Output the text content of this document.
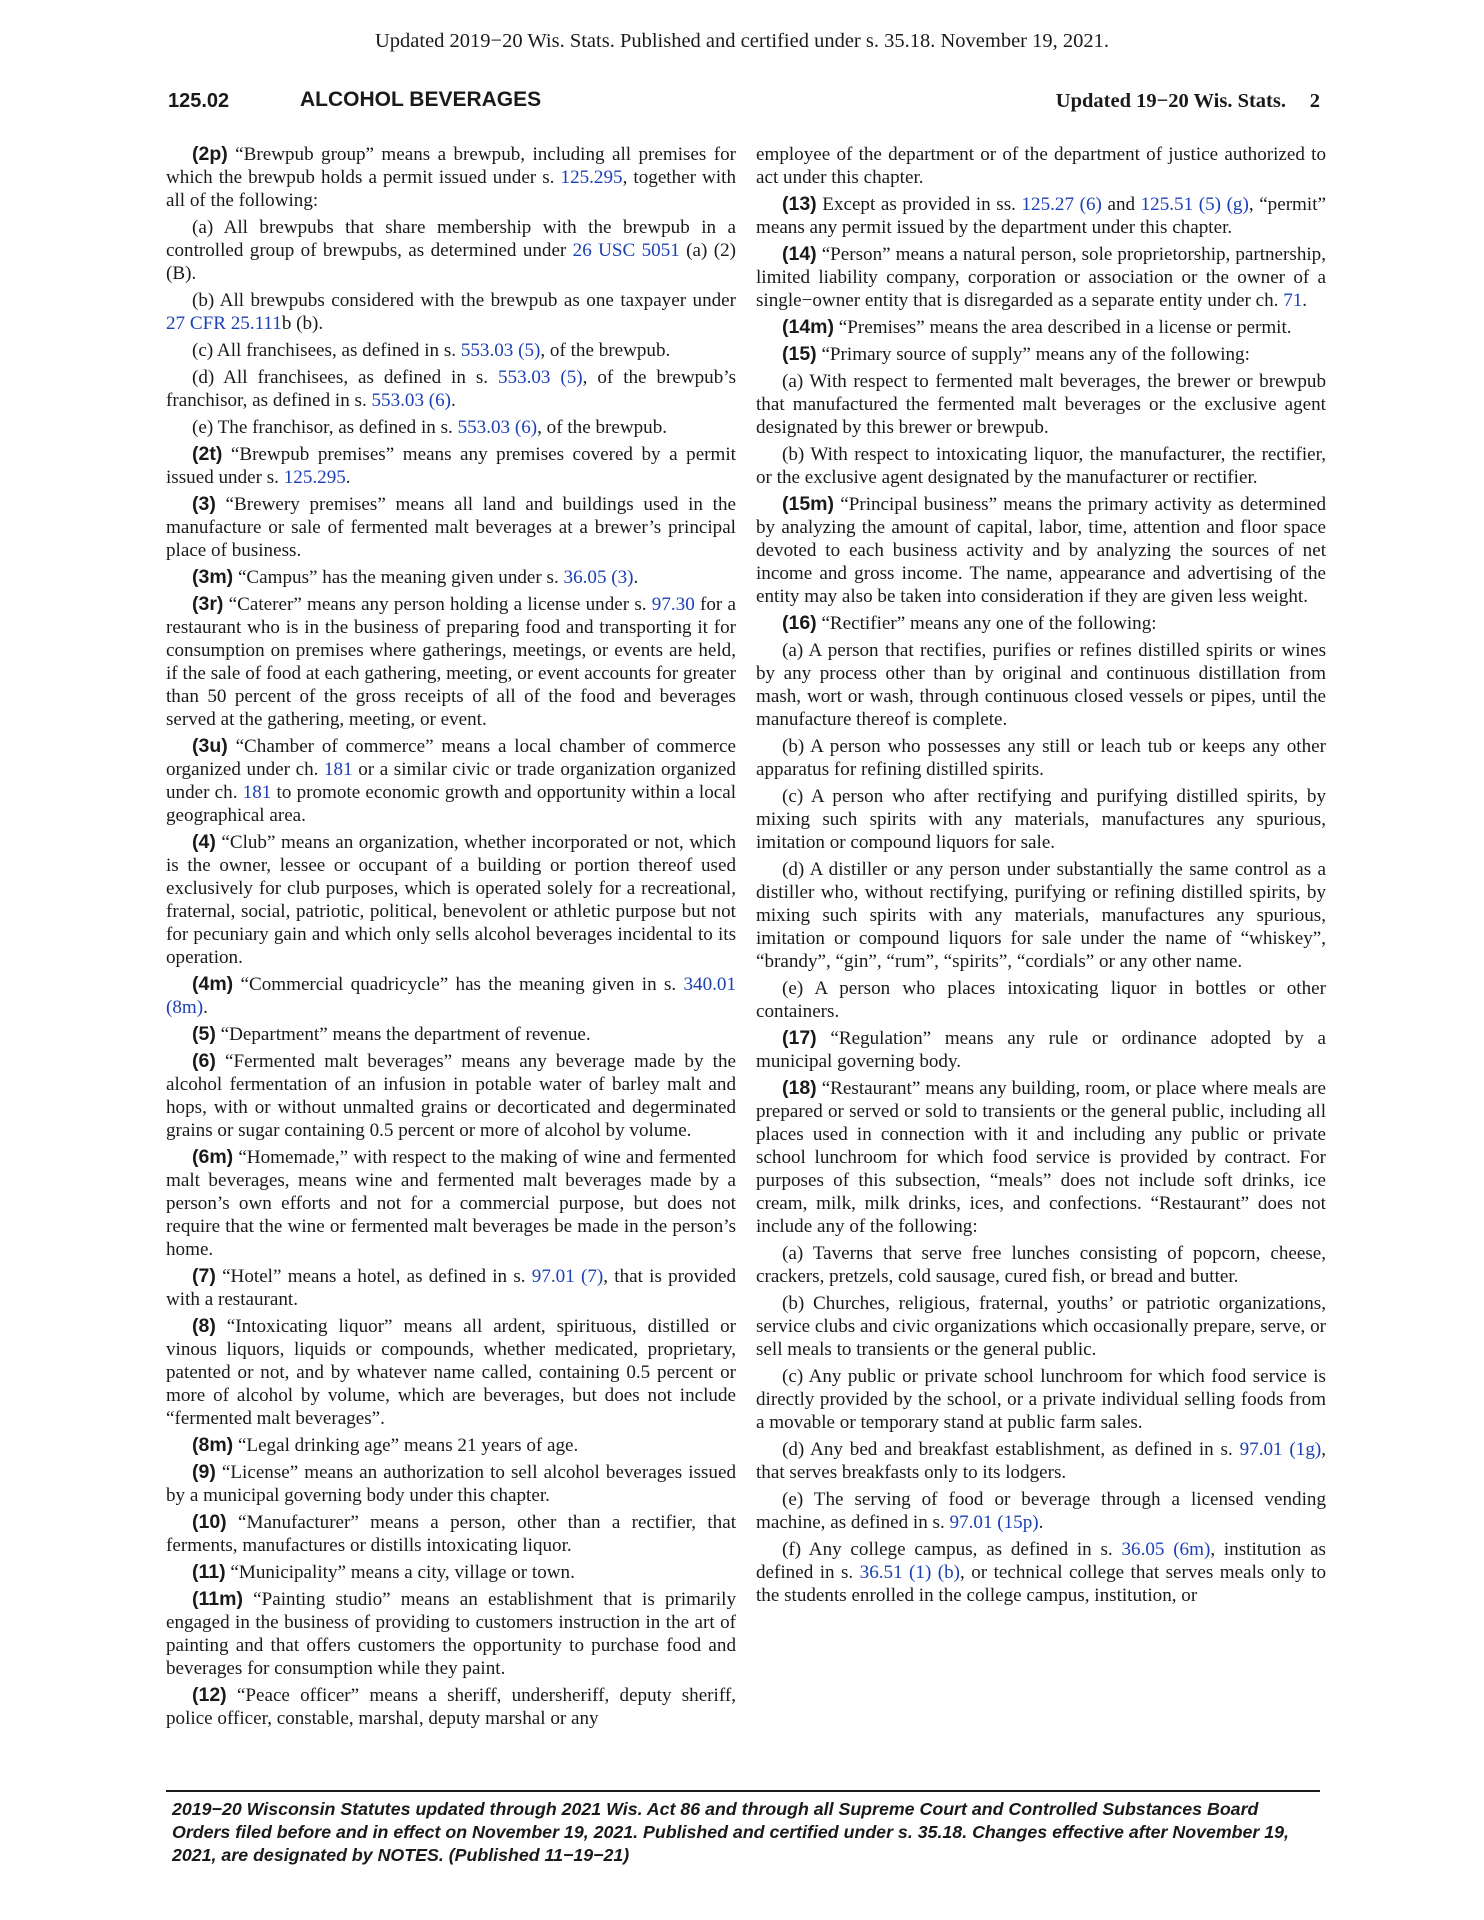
Updated 2019−20 Wis. Stats. Published and certified under s. 35.18. November 19, 2021.
125.02	ALCOHOL BEVERAGES	Updated 19−20 Wis. Stats. 2

(2p) “Brewpub group” means a brewpub, including all premises for which the brewpub holds a permit issued under s. 125.295, together with all of the following:

(a) All brewpubs that share membership with the brewpub in a controlled group of brewpubs, as determined under 26 USC 5051 (a) (2) (B).

(b) All brewpubs considered with the brewpub as one taxpayer under 27 CFR 25.111b (b).

(c) All franchisees, as defined in s. 553.03 (5), of the brewpub.

(d) All franchisees, as defined in s. 553.03 (5), of the brewpub’s franchisor, as defined in s. 553.03 (6).

(e) The franchisor, as defined in s. 553.03 (6), of the brewpub.

(2t) “Brewpub premises” means any premises covered by a permit issued under s. 125.295.

(3) “Brewery premises” means all land and buildings used in the manufacture or sale of fermented malt beverages at a brewer’s principal place of business.

(3m) “Campus” has the meaning given under s. 36.05 (3).

(3r) “Caterer” means any person holding a license under s. 97.30 for a restaurant who is in the business of preparing food and transporting it for consumption on premises where gatherings, meetings, or events are held, if the sale of food at each gathering, meeting, or event accounts for greater than 50 percent of the gross receipts of all of the food and beverages served at the gathering, meeting, or event.

(3u) “Chamber of commerce” means a local chamber of commerce organized under ch. 181 or a similar civic or trade organization organized under ch. 181 to promote economic growth and opportunity within a local geographical area.

(4) “Club” means an organization, whether incorporated or not, which is the owner, lessee or occupant of a building or portion thereof used exclusively for club purposes, which is operated solely for a recreational, fraternal, social, patriotic, political, benevolent or athletic purpose but not for pecuniary gain and which only sells alcohol beverages incidental to its operation.

(4m) “Commercial quadricycle” has the meaning given in s. 340.01 (8m).

(5) “Department” means the department of revenue.

(6) “Fermented malt beverages” means any beverage made by the alcohol fermentation of an infusion in potable water of barley malt and hops, with or without unmalted grains or decorticated and degerminated grains or sugar containing 0.5 percent or more of alcohol by volume.

(6m) “Homemade,” with respect to the making of wine and fermented malt beverages, means wine and fermented malt beverages made by a person’s own efforts and not for a commercial purpose, but does not require that the wine or fermented malt beverages be made in the person’s home.

(7) “Hotel” means a hotel, as defined in s. 97.01 (7), that is provided with a restaurant.

(8) “Intoxicating liquor” means all ardent, spirituous, distilled or vinous liquors, liquids or compounds, whether medicated, proprietary, patented or not, and by whatever name called, containing 0.5 percent or more of alcohol by volume, which are beverages, but does not include “fermented malt beverages”.

(8m) “Legal drinking age” means 21 years of age.

(9) “License” means an authorization to sell alcohol beverages issued by a municipal governing body under this chapter.

(10) “Manufacturer” means a person, other than a rectifier, that ferments, manufactures or distills intoxicating liquor.

(11) “Municipality” means a city, village or town.

(11m) “Painting studio” means an establishment that is primarily engaged in the business of providing to customers instruction in the art of painting and that offers customers the opportunity to purchase food and beverages for consumption while they paint.

(12) “Peace officer” means a sheriff, undersheriff, deputy sheriff, police officer, constable, marshal, deputy marshal or any

employee of the department or of the department of justice authorized to act under this chapter.

(13) Except as provided in ss. 125.27 (6) and 125.51 (5) (g), “permit” means any permit issued by the department under this chapter.

(14) “Person” means a natural person, sole proprietorship, partnership, limited liability company, corporation or association or the owner of a single−owner entity that is disregarded as a separate entity under ch. 71.

(14m) “Premises” means the area described in a license or permit.

(15) “Primary source of supply” means any of the following:

(a) With respect to fermented malt beverages, the brewer or brewpub that manufactured the fermented malt beverages or the exclusive agent designated by this brewer or brewpub.

(b) With respect to intoxicating liquor, the manufacturer, the rectifier, or the exclusive agent designated by the manufacturer or rectifier.

(15m) “Principal business” means the primary activity as determined by analyzing the amount of capital, labor, time, attention and floor space devoted to each business activity and by analyzing the sources of net income and gross income. The name, appearance and advertising of the entity may also be taken into consideration if they are given less weight.

(16) “Rectifier” means any one of the following:

(a) A person that rectifies, purifies or refines distilled spirits or wines by any process other than by original and continuous distillation from mash, wort or wash, through continuous closed vessels or pipes, until the manufacture thereof is complete.

(b) A person who possesses any still or leach tub or keeps any other apparatus for refining distilled spirits.

(c) A person who after rectifying and purifying distilled spirits, by mixing such spirits with any materials, manufactures any spurious, imitation or compound liquors for sale.

(d) A distiller or any person under substantially the same control as a distiller who, without rectifying, purifying or refining distilled spirits, by mixing such spirits with any materials, manufactures any spurious, imitation or compound liquors for sale under the name of “whiskey”, “brandy”, “gin”, “rum”, “spirits”, “cordials” or any other name.

(e) A person who places intoxicating liquor in bottles or other containers.

(17) “Regulation” means any rule or ordinance adopted by a municipal governing body.

(18) “Restaurant” means any building, room, or place where meals are prepared or served or sold to transients or the general public, including all places used in connection with it and including any public or private school lunchroom for which food service is provided by contract. For purposes of this subsection, “meals” does not include soft drinks, ice cream, milk, milk drinks, ices, and confections. “Restaurant” does not include any of the following:

(a) Taverns that serve free lunches consisting of popcorn, cheese, crackers, pretzels, cold sausage, cured fish, or bread and butter.

(b) Churches, religious, fraternal, youths’ or patriotic organizations, service clubs and civic organizations which occasionally prepare, serve, or sell meals to transients or the general public.

(c) Any public or private school lunchroom for which food service is directly provided by the school, or a private individual selling foods from a movable or temporary stand at public farm sales.

(d) Any bed and breakfast establishment, as defined in s. 97.01 (1g), that serves breakfasts only to its lodgers.

(e) The serving of food or beverage through a licensed vending machine, as defined in s. 97.01 (15p).

(f) Any college campus, as defined in s. 36.05 (6m), institution as defined in s. 36.51 (1) (b), or technical college that serves meals only to the students enrolled in the college campus, institution, or

2019−20 Wisconsin Statutes updated through 2021 Wis. Act 86 and through all Supreme Court and Controlled Substances Board Orders filed before and in effect on November 19, 2021. Published and certified under s. 35.18. Changes effective after November 19, 2021, are designated by NOTES. (Published 11−19−21)
